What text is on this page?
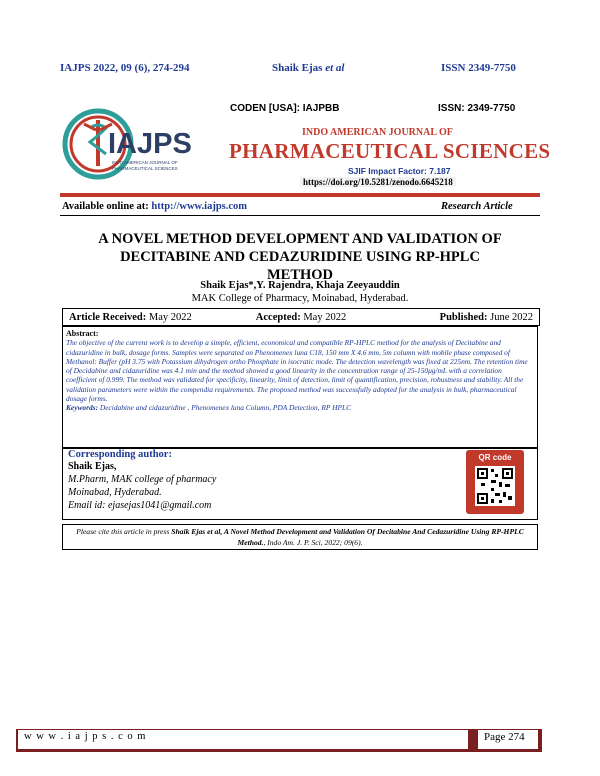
IAJPS 2022, 09 (6), 274-294	Shaik Ejas et al	ISSN 2349-7750
IAJPS
INDO AMERICAN JOURNAL OF
PHARMACEUTICAL SCIENCES
CODEN [USA]: IAJPBB	ISSN: 2349-7750
INDO AMERICAN JOURNAL OF
PHARMACEUTICAL SCIENCES
SJIF Impact Factor: 7.187
https://doi.org/10.5281/zenodo.6645218
Available online at: http://www.iajps.com	Research Article
A NOVEL METHOD DEVELOPMENT AND VALIDATION OF
DECITABINE AND CEDAZURIDINE USING RP-HPLC
METHOD
Shaik Ejas*,Y. Rajendra, Khaja Zeeyauddin
MAK College of Pharmacy, Moinabad, Hyderabad.
Article Received: May 2022	Accepted: May 2022	Published: June 2022
Abstract:
The objective of the current work is to develop a simple, efficient, economical and compatible RP-HPLC method for the analysis of Decitabine and cidazuridine in bulk, dosage forms. Samples were separated on Phenomenex luna C18, 150 mm X 4.6 mm, 5m column with mobile phase composed of Methanol: Buffer (pH 3.75 with Potassium dihydrogen ortho Phosphate in isocratic mode. The detection wavelength was fixed at 225nm. The retention time of Decidabine and cidazuridine was 4.1 min and the method showed a good linearity in the concentration range of 25-150μg/mL with a correlation coefficient of 0.999. The method was validated for specificity, linearity, limit of detection, limit of quantification, precision, robustness and stability. All the validation parameters were within the compendia requirements. The proposed method was successfully adopted for the analysis in bulk, pharmaceutical dosage forms.
Keywords: Decidabine and cidazuridine , Phenomenex luna Column, PDA Detection, RP HPLC
Corresponding author:
Shaik Ejas,
M.Pharm, MAK college of pharmacy
Moinabad, Hyderabad.
Email id: ejasejas1041@gmail.com
QR code
Please cite this article in press Shaik Ejas et al, A Novel Method Development and Validation Of Decitabine And Cedazuridine Using RP-HPLC Method., Indo Am. J. P. Sci, 2022; 09(6).
w w w . i a j p s . c o m	Page 274
